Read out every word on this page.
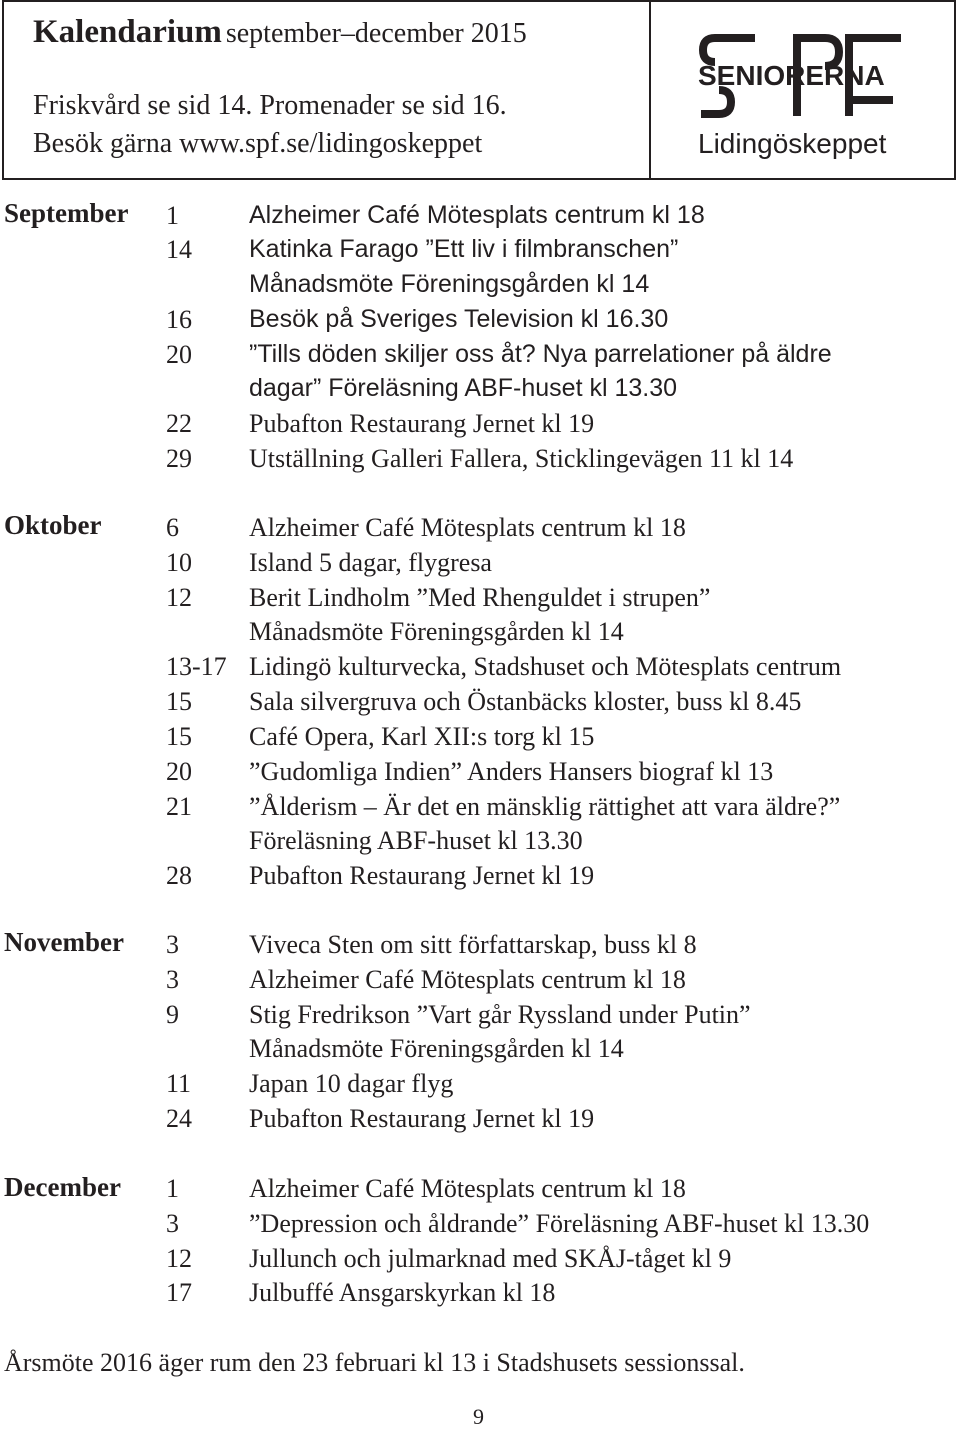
Kalendarium september–december 2015
Friskvård se sid 14. Promenader se sid 16.
Besök gärna www.spf.se/lidingoskeppet
SENIORERNA
Lidingöskeppet
September 1	Alzheimer Café Mötesplats centrum kl 18
14 Katinka Farago ”Ett liv i filmbranschen”
Månadsmöte Föreningsgården kl 14
16 Besök på Sveriges Television kl 16.30
20 ”Tills döden skiljer oss åt? Nya parrelationer på äldre
dagar” Föreläsning ABF-huset kl 13.30
22 Pubafton Restaurang Jernet kl 19
29 Utställning Galleri Fallera, Sticklingevägen 11 kl 14
Oktober 6	Alzheimer Café Mötesplats centrum kl 18
10 Island 5 dagar, flygresa
12 Berit Lindholm ”Med Rhenguldet i strupen”
Månadsmöte Föreningsgården kl 14
13-17 Lidingö kulturvecka, Stadshuset och Mötesplats centrum
15 Sala silvergruva och Östanbäcks kloster, buss kl 8.45
15 Café Opera, Karl XII:s torg kl 15
20 ”Gudomliga Indien” Anders Hansers biograf kl 13
21 ”Ålderism – Är det en mänsklig rättighet att vara äldre?”
Föreläsning ABF-huset kl 13.30
28 Pubafton Restaurang Jernet kl 19
November 3	Viveca Sten om sitt författarskap, buss kl 8
3	Alzheimer Café Mötesplats centrum kl 18
9	Stig Fredrikson ”Vart går Ryssland under Putin”
Månadsmöte Föreningsgården kl 14
11 Japan 10 dagar flyg
24 Pubafton Restaurang Jernet kl 19
December 1	Alzheimer Café Mötesplats centrum kl 18
3	”Depression och åldrande” Föreläsning ABF-huset kl 13.30
12 Jullunch och julmarknad med SKÅJ-tåget kl 9
17 Julbuffé Ansgarskyrkan kl 18
Årsmöte 2016 äger rum den 23 februari kl 13 i Stadshusets sessionssal.
9
